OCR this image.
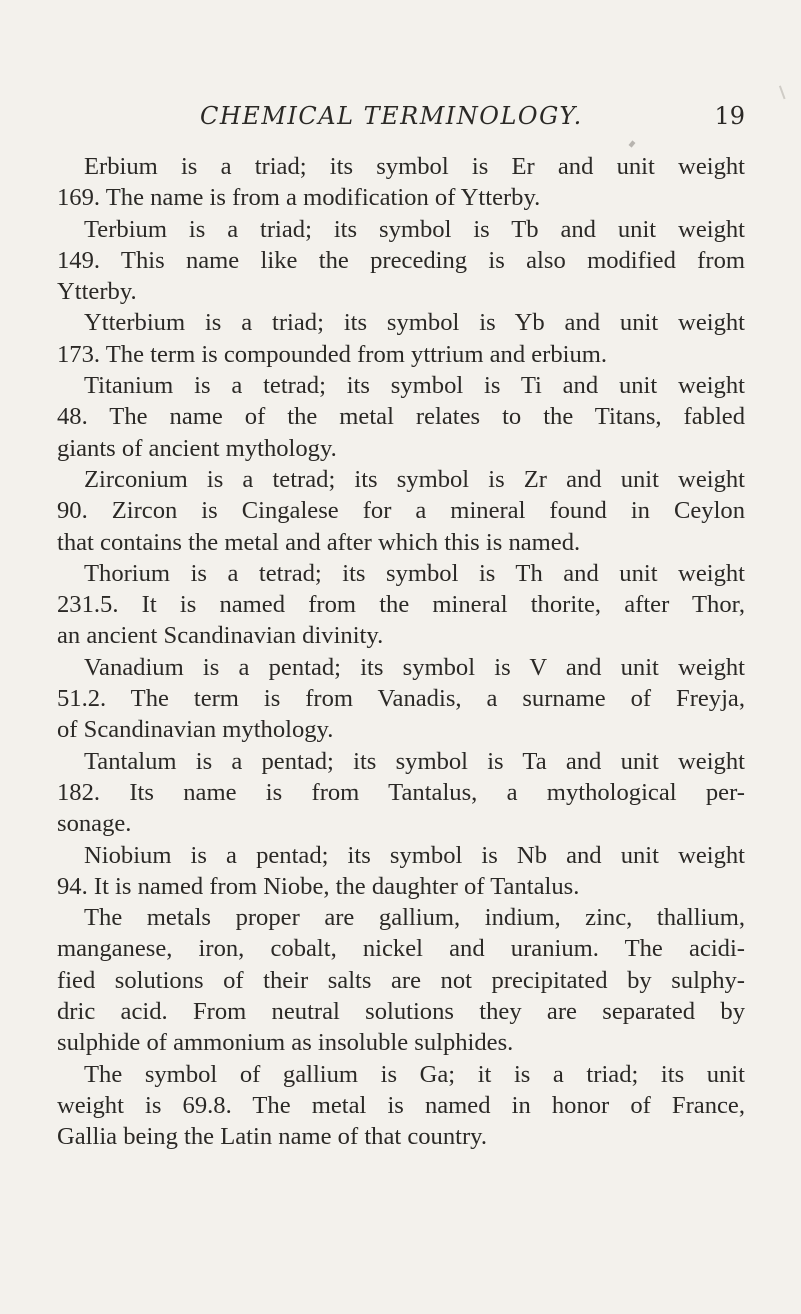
CHEMICAL TERMINOLOGY.	19
Erbium is a triad; its symbol is Er and unit weight
169. The name is from a modification of Ytterby.
Terbium is a triad; its symbol is Tb and unit weight
149. This name like the preceding is also modified from
Ytterby.
Ytterbium is a triad; its symbol is Yb and unit weight
173. The term is compounded from yttrium and erbium.
Titanium is a tetrad; its symbol is Ti and unit weight
48. The name of the metal relates to the Titans, fabled
giants of ancient mythology.
Zirconium is a tetrad; its symbol is Zr and unit weight
90. Zircon is Cingalese for a mineral found in Ceylon
that contains the metal and after which this is named.
Thorium is a tetrad; its symbol is Th and unit weight
231.5. It is named from the mineral thorite, after Thor,
an ancient Scandinavian divinity.
Vanadium is a pentad; its symbol is V and unit weight
51.2. The term is from Vanadis, a surname of Freyja,
of Scandinavian mythology.
Tantalum is a pentad; its symbol is Ta and unit weight
182. Its name is from Tantalus, a mythological per-
sonage.
Niobium is a pentad; its symbol is Nb and unit weight
94. It is named from Niobe, the daughter of Tantalus.
The metals proper are gallium, indium, zinc, thallium,
manganese, iron, cobalt, nickel and uranium. The acidi-
fied solutions of their salts are not precipitated by sulphy-
dric acid. From neutral solutions they are separated by
sulphide of ammonium as insoluble sulphides.
The symbol of gallium is Ga; it is a triad; its unit
weight is 69.8. The metal is named in honor of France,
Gallia being the Latin name of that country.
